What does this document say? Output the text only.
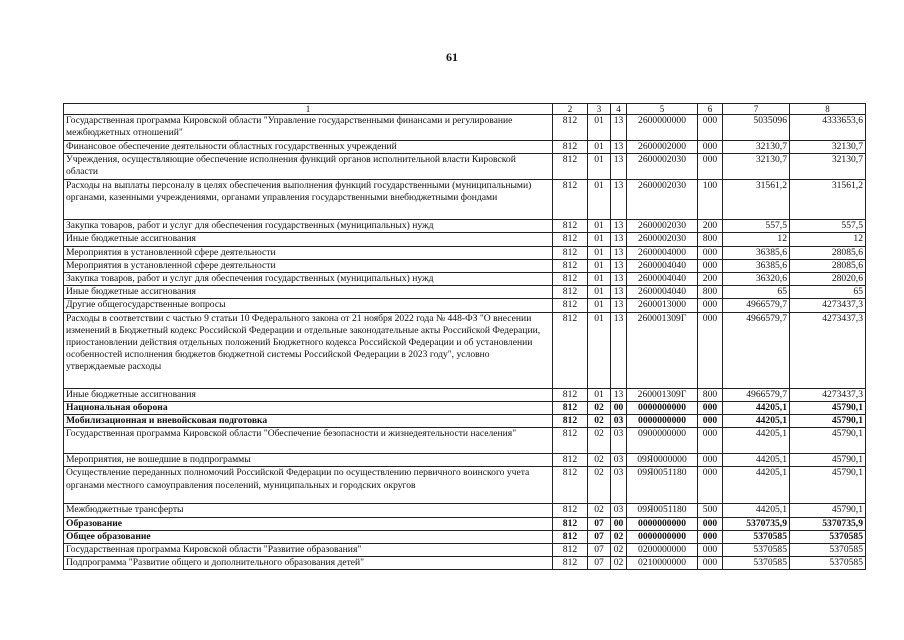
61
1	2	3	4	5	6	7	8
Государственная программа Кировской области "Управление государственными финансами и регулирование межбюджетных отношений"	812	01	13	2600000000	000	5035096	4333653,6
Финансовое обеспечение деятельности областных государственных учреждений	812	01	13	2600002000	000	32130,7	32130,7
Учреждения, осуществляющие обеспечение исполнения функций органов исполнительной власти Кировской области	812	01	13	2600002030	000	32130,7	32130,7
Расходы на выплаты персоналу в целях обеспечения выполнения функций государственными (муниципальными) органами, казенными учреждениями, органами управления государственными внебюджетными фондами	812	01	13	2600002030	100	31561,2	31561,2
Закупка товаров, работ и услуг для обеспечения государственных (муниципальных) нужд	812	01	13	2600002030	200	557,5	557,5
Иные бюджетные ассигнования	812	01	13	2600002030	800	12	12
Мероприятия в установленной сфере деятельности	812	01	13	2600004000	000	36385,6	28085,6
Мероприятия в установленной сфере деятельности	812	01	13	2600004040	000	36385,6	28085,6
Закупка товаров, работ и услуг для обеспечения государственных (муниципальных) нужд	812	01	13	2600004040	200	36320,6	28020,6
Иные бюджетные ассигнования	812	01	13	2600004040	800	65	65
Другие общегосударственные вопросы	812	01	13	2600013000	000	4966579,7	4273437,3
Расходы в соответствии с частью 9 статьи 10 Федерального закона от 21 ноября 2022 года № 448-ФЗ "О внесении изменений в Бюджетный кодекс Российской Федерации и отдельные законодательные акты Российской Федерации, приостановлении действия отдельных положений Бюджетного кодекса Российской Федерации и об установлении особенностей исполнения бюджетов бюджетной системы Российской Федерации в 2023 году", условно утверждаемые расходы	812	01	13	260001309Г	000	4966579,7	4273437,3
Иные бюджетные ассигнования	812	01	13	260001309Г	800	4966579,7	4273437,3
Национальная оборона	812	02	00	0000000000	000	44205,1	45790,1
Мобилизационная и вневойсковая подготовка	812	02	03	0000000000	000	44205,1	45790,1
Государственная программа Кировской области "Обеспечение безопасности и жизнедеятельности населения"	812	02	03	0900000000	000	44205,1	45790,1
Мероприятия, не вошедшие в подпрограммы	812	02	03	09Я0000000	000	44205,1	45790,1
Осуществление переданных полномочий Российской Федерации по осуществлению первичного воинского учета органами местного самоуправления поселений, муниципальных и городских округов	812	02	03	09Я0051180	000	44205,1	45790,1
Межбюджетные трансферты	812	02	03	09Я0051180	500	44205,1	45790,1
Образование	812	07	00	0000000000	000	5370735,9	5370735,9
Общее образование	812	07	02	0000000000	000	5370585	5370585
Государственная программа Кировской области "Развитие образования"	812	07	02	0200000000	000	5370585	5370585
Подпрограмма "Развитие общего и дополнительного образования детей"	812	07	02	0210000000	000	5370585	5370585
